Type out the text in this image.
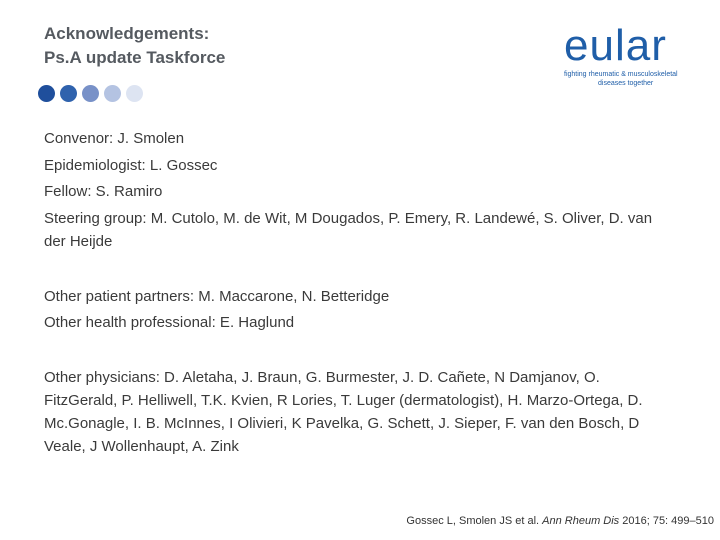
Acknowledgements:
Ps.A update Taskforce	eular
fighting rheumatic & musculoskeletal
diseases together
Convenor: J. Smolen
Epidemiologist: L. Gossec
Fellow: S. Ramiro
Steering group: M. Cutolo, M. de Wit, M Dougados, P. Emery, R. Landewé, S. Oliver, D. van
der Heijde
Other patient partners: M. Maccarone, N. Betteridge
Other health professional: E. Haglund
Other physicians: D. Aletaha, J. Braun, G. Burmester, J. D. Cañete, N Damjanov, O.
FitzGerald, P. Helliwell, T.K. Kvien, R Lories, T. Luger (dermatologist), H. Marzo-Ortega, D.
Mc.Gonagle, I. B. McInnes, I Olivieri, K Pavelka, G. Schett, J. Sieper, F. van den Bosch, D
Veale, J Wollenhaupt, A. Zink
Gossec L, Smolen JS et al. Ann Rheum Dis 2016; 75: 499–510
